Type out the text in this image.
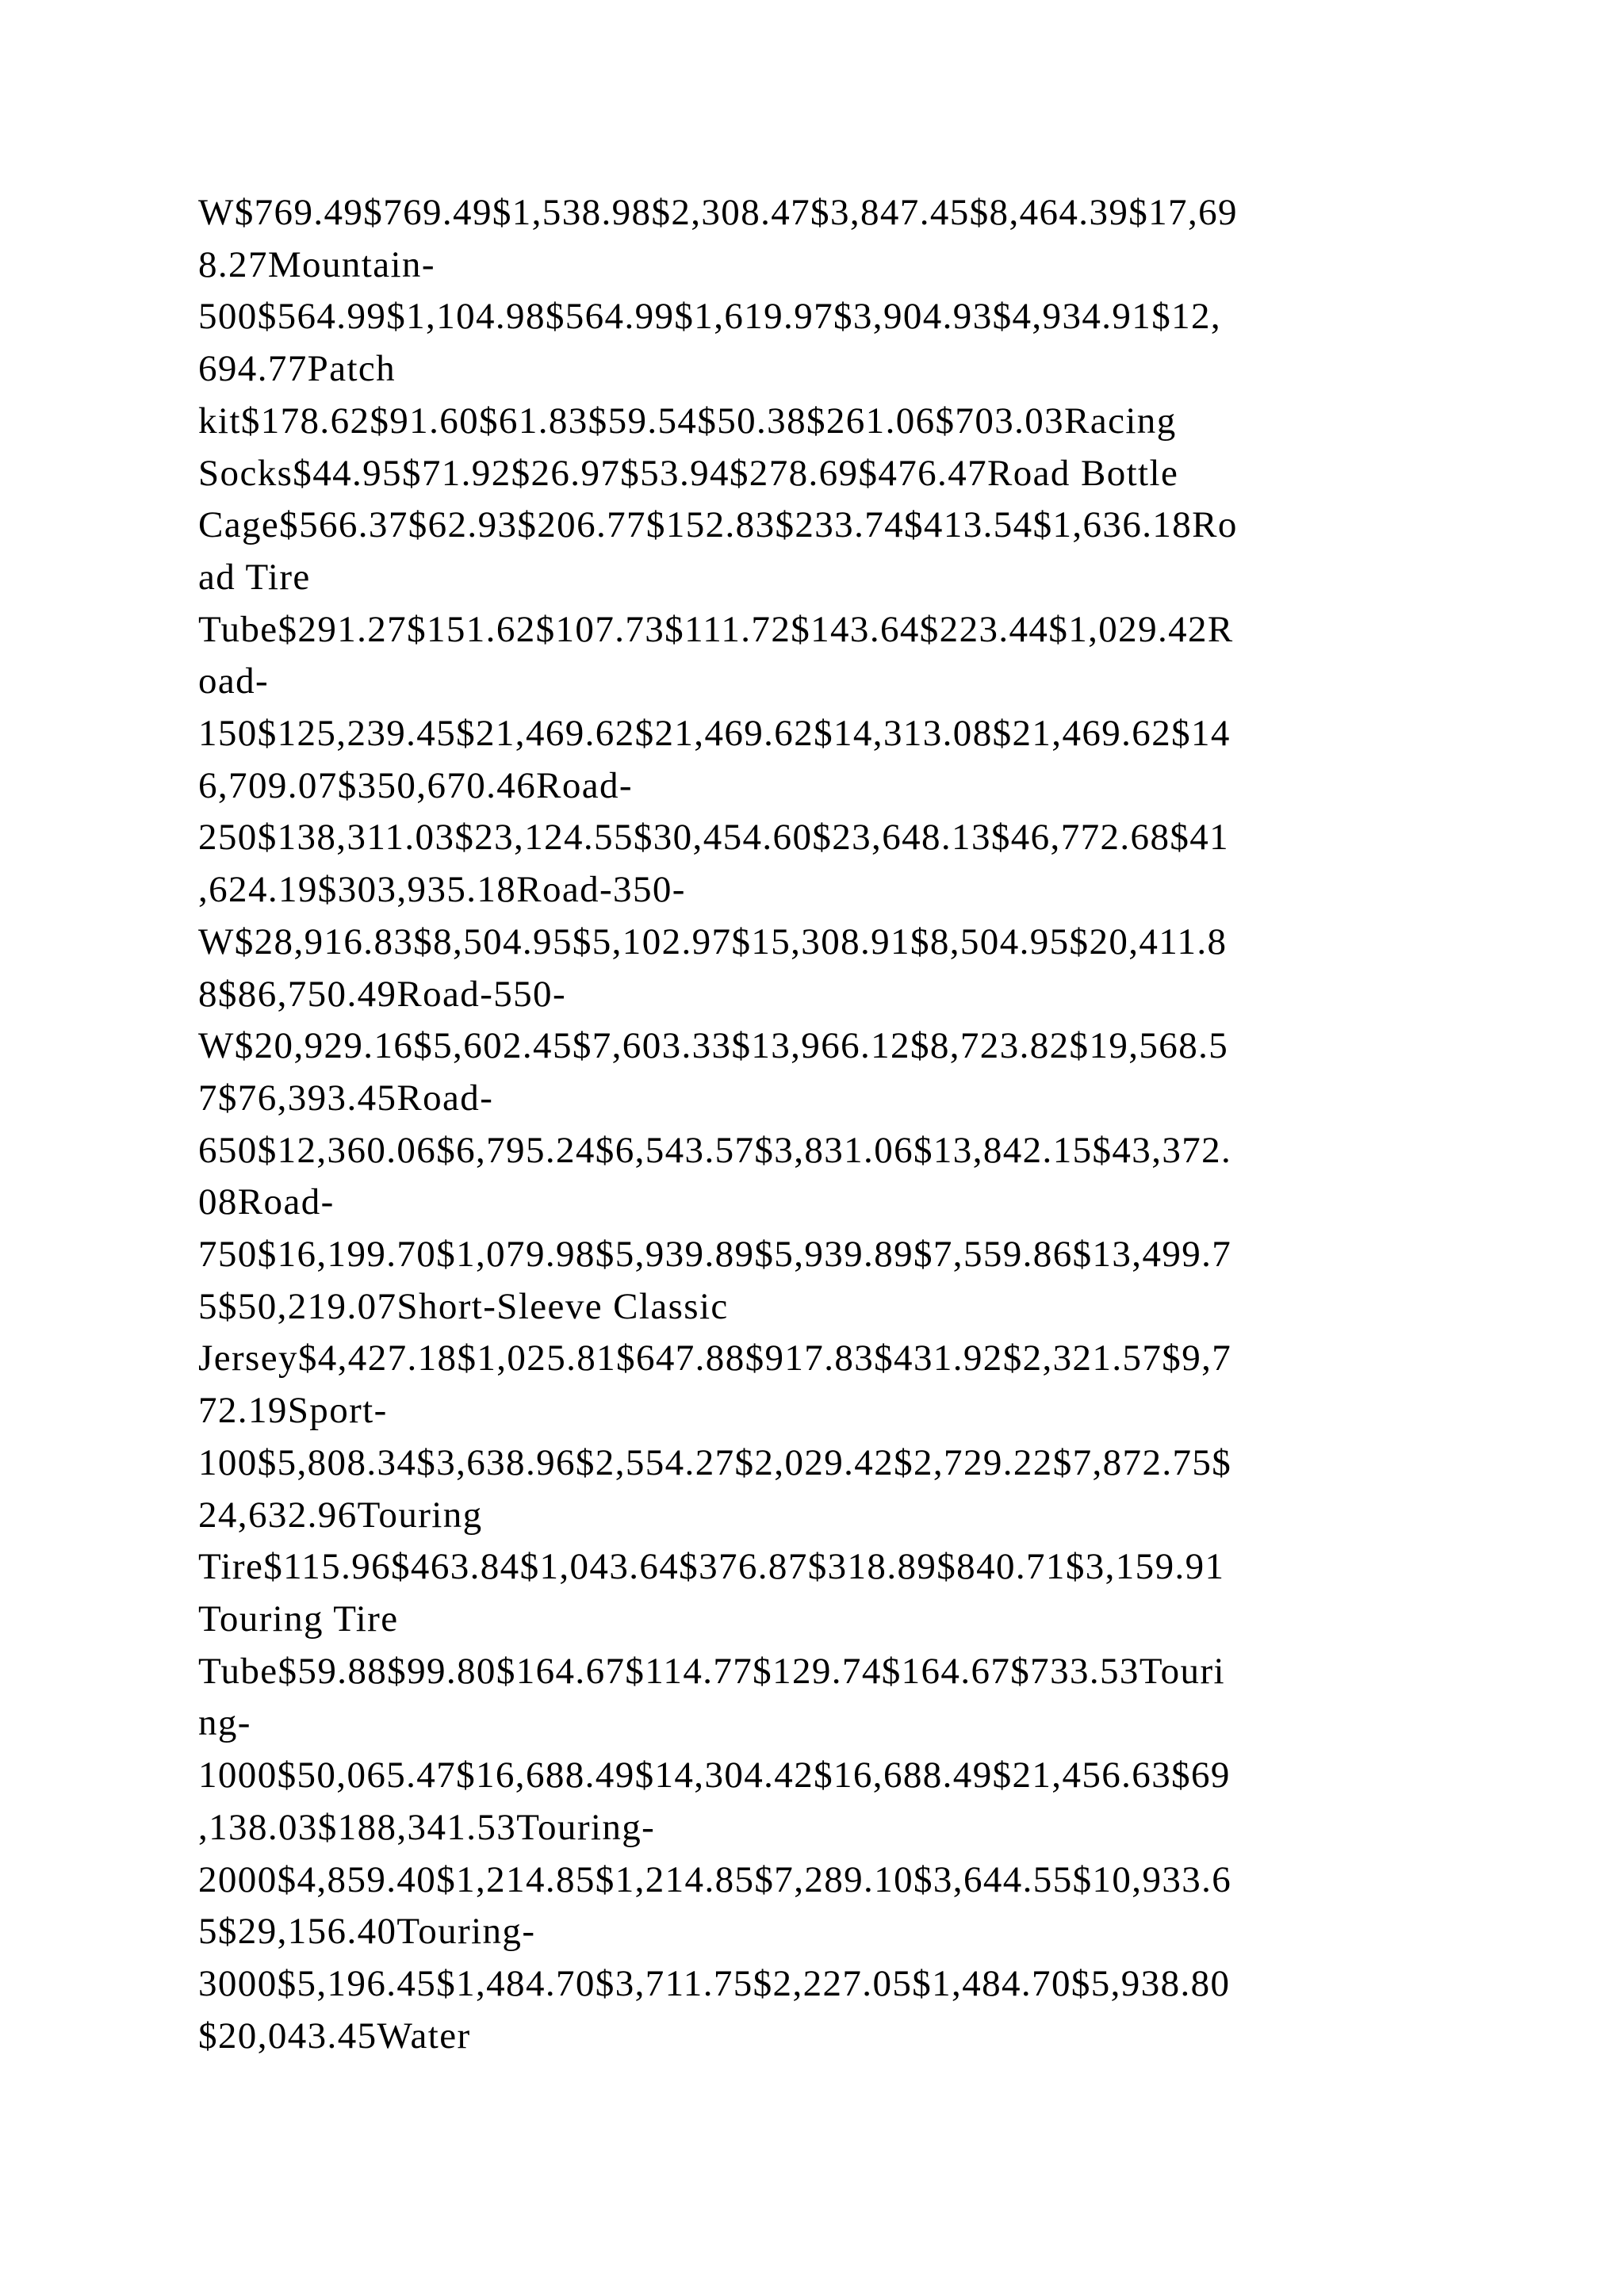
W$769.49$769.49$1,538.98$2,308.47$3,847.45$8,464.39$17,69
8.27Mountain-
500$564.99$1,104.98$564.99$1,619.97$3,904.93$4,934.91$12,
694.77Patch
kit$178.62$91.60$61.83$59.54$50.38$261.06$703.03Racing
Socks$44.95$71.92$26.97$53.94$278.69$476.47Road Bottle
Cage$566.37$62.93$206.77$152.83$233.74$413.54$1,636.18Ro
ad Tire
Tube$291.27$151.62$107.73$111.72$143.64$223.44$1,029.42R
oad-
150$125,239.45$21,469.62$21,469.62$14,313.08$21,469.62$14
6,709.07$350,670.46Road-
250$138,311.03$23,124.55$30,454.60$23,648.13$46,772.68$41
,624.19$303,935.18Road-350-
W$28,916.83$8,504.95$5,102.97$15,308.91$8,504.95$20,411.8
8$86,750.49Road-550-
W$20,929.16$5,602.45$7,603.33$13,966.12$8,723.82$19,568.5
7$76,393.45Road-
650$12,360.06$6,795.24$6,543.57$3,831.06$13,842.15$43,372.
08Road-
750$16,199.70$1,079.98$5,939.89$5,939.89$7,559.86$13,499.7
5$50,219.07Short-Sleeve Classic
Jersey$4,427.18$1,025.81$647.88$917.83$431.92$2,321.57$9,7
72.19Sport-
100$5,808.34$3,638.96$2,554.27$2,029.42$2,729.22$7,872.75$
24,632.96Touring
Tire$115.96$463.84$1,043.64$376.87$318.89$840.71$3,159.91
Touring Tire
Tube$59.88$99.80$164.67$114.77$129.74$164.67$733.53Touri
ng-
1000$50,065.47$16,688.49$14,304.42$16,688.49$21,456.63$69
,138.03$188,341.53Touring-
2000$4,859.40$1,214.85$1,214.85$7,289.10$3,644.55$10,933.6
5$29,156.40Touring-
3000$5,196.45$1,484.70$3,711.75$2,227.05$1,484.70$5,938.80
$20,043.45Water
